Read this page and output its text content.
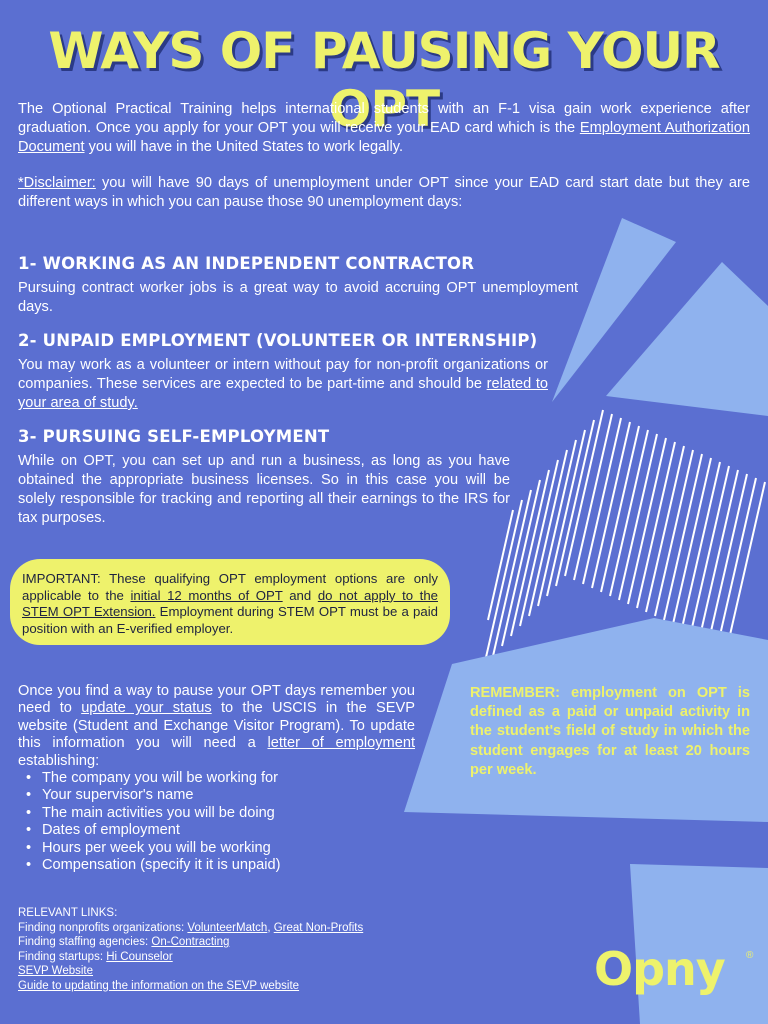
WAYS OF PAUSING YOUR OPT
The Optional Practical Training helps international students with an F-1 visa gain work experience after graduation. Once you apply for your OPT you will receive your EAD card which is the Employment Authorization Document you will have in the United States to work legally.
*Disclaimer: you will have 90 days of unemployment under OPT since your EAD card start date but they are different ways in which you can pause those 90 unemployment days:
1- WORKING AS AN INDEPENDENT CONTRACTOR
Pursuing contract worker jobs is a great way to avoid accruing OPT unemployment days.
2- UNPAID EMPLOYMENT (VOLUNTEER OR INTERNSHIP)
You may work as a volunteer or intern without pay for non-profit organizations or companies. These services are expected to be part-time and should be related to your area of study.
3- PURSUING SELF-EMPLOYMENT
While on OPT, you can set up and run a business, as long as you have obtained the appropriate business licenses. So in this case you will be solely responsible for tracking and reporting all their earnings to the IRS for tax purposes.

IMPORTANT: These qualifying OPT employment options are only applicable to the initial 12 months of OPT and do not apply to the STEM OPT Extension. Employment during STEM OPT must be a paid position with an E-verified employer.

Once you find a way to pause your OPT days remember you need to update your status to the USCIS in the SEVP website (Student and Exchange Visitor Program). To update this information you will need a letter of employment establishing:
• The company you will be working for
• Your supervisor's name
• The main activities you will be doing
• Dates of employment
• Hours per week you will be working
• Compensation (specify it it is unpaid)
REMEMBER: employment on OPT is defined as a paid or unpaid activity in the student's field of study in which the student engages for at least 20 hours per week.
RELEVANT LINKS:
Finding nonprofits organizations: VolunteerMatch, Great Non-Profits
Finding staffing agencies: On-Contracting
Finding startups: Hi Counselor
SEVP Website
Guide to updating the information on the SEVP website	Opny ®
